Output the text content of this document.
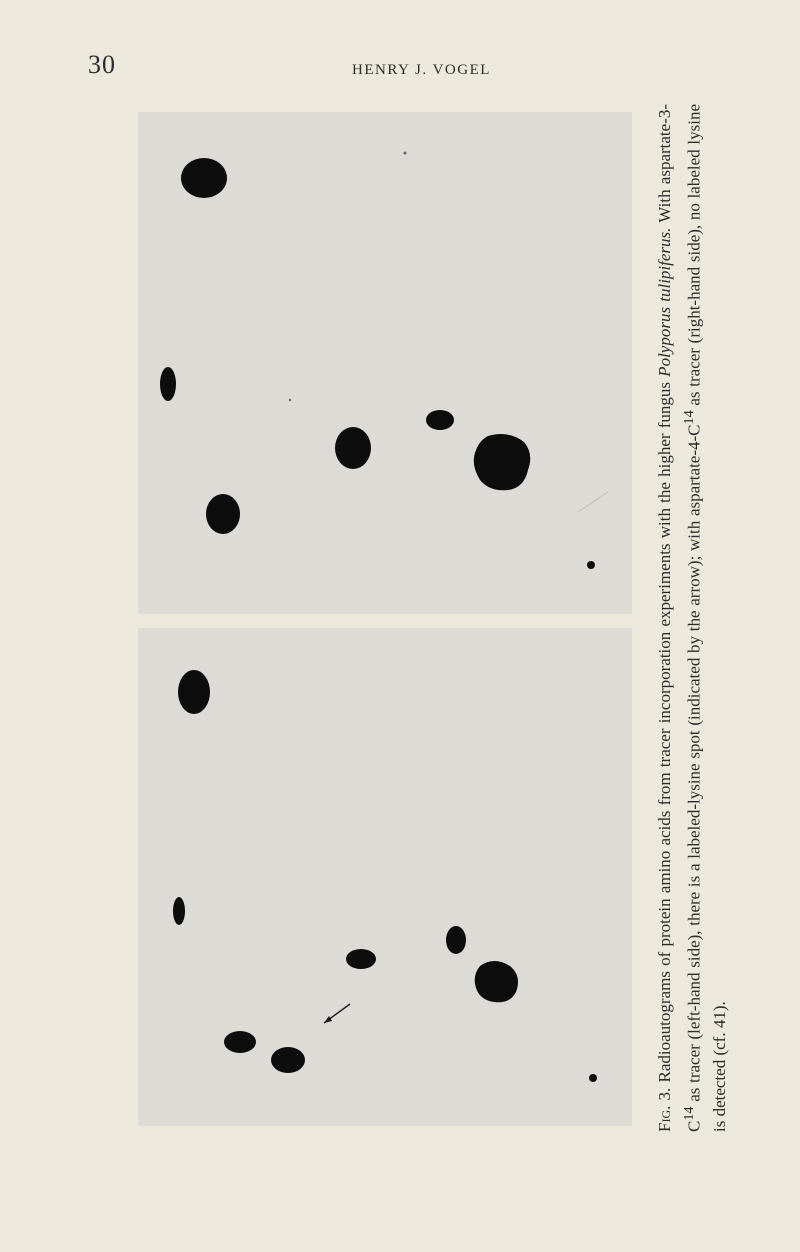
30	HENRY J. VOGEL

Fig. 3. Radioautograms of protein amino acids from tracer incorporation experiments with the higher fungus Polyporus tulipiferus. With aspartate-$3-C^{14}$ as tracer (left-hand side), there is a labeled-lysine spot (indicated by the arrow); with aspartate-$4-C^{14}$ as tracer (right-hand side), no labeled lysine is detected (cf. 41).
